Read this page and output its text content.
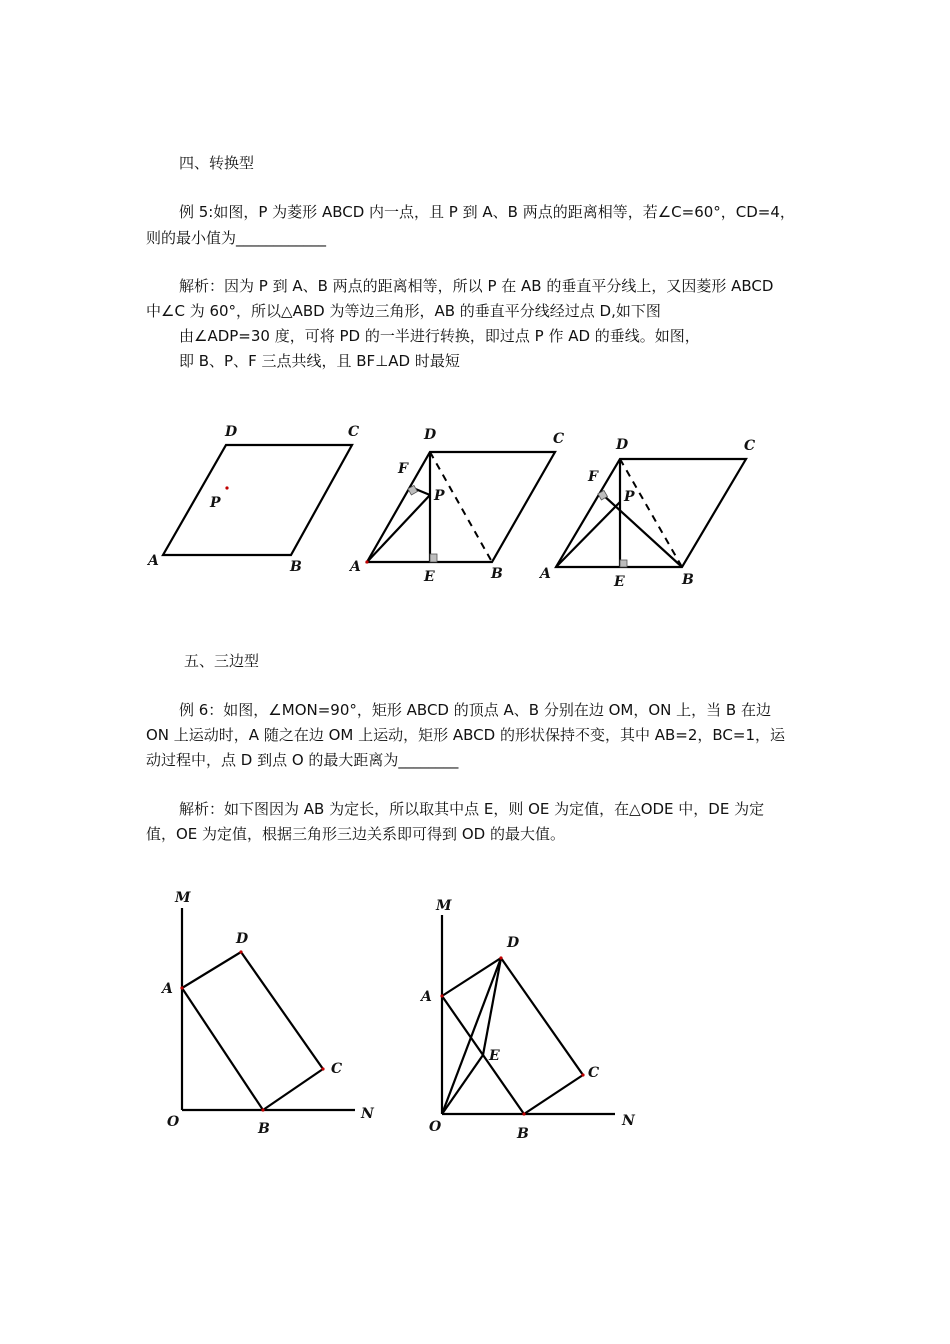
四、转换型
例 5:如图，P 为菱形 ABCD 内一点，且 P 到 A、B 两点的距离相等，若∠C=60°，CD=4，
则的最小值为____________
解析：因为 P 到 A、B 两点的距离相等，所以 P 在 AB 的垂直平分线上，又因菱形 ABCD
中∠C 为 60°，所以△ABD 为等边三角形，AB 的垂直平分线经过点 D,如下图
由∠ADP=30 度，可将 PD 的一半进行转换，即过点 P 作 AD 的垂线。如图，
即 B、P、F 三点共线，且 BF⊥AD 时最短
D	C
P
A	B
D	C
F
P
A
E	B
D	C
F
P
A	E	B
五、三边型
例 6：如图，∠MON=90°，矩形 ABCD 的顶点 A、B 分别在边 OM，ON 上，当 B 在边
ON 上运动时，A 随之在边 OM 上运动，矩形 ABCD 的形状保持不变，其中 AB=2，BC=1，运
动过程中，点 D 到点 O 的最大距离为________
解析：如下图因为 AB 为定长，所以取其中点 E，则 OE 为定值，在△ODE 中，DE 为定
值，OE 为定值，根据三角形三边关系即可得到 OD 的最大值。
M
D
A
C
O	B
N
M
D
A
E
C
O	B
N
